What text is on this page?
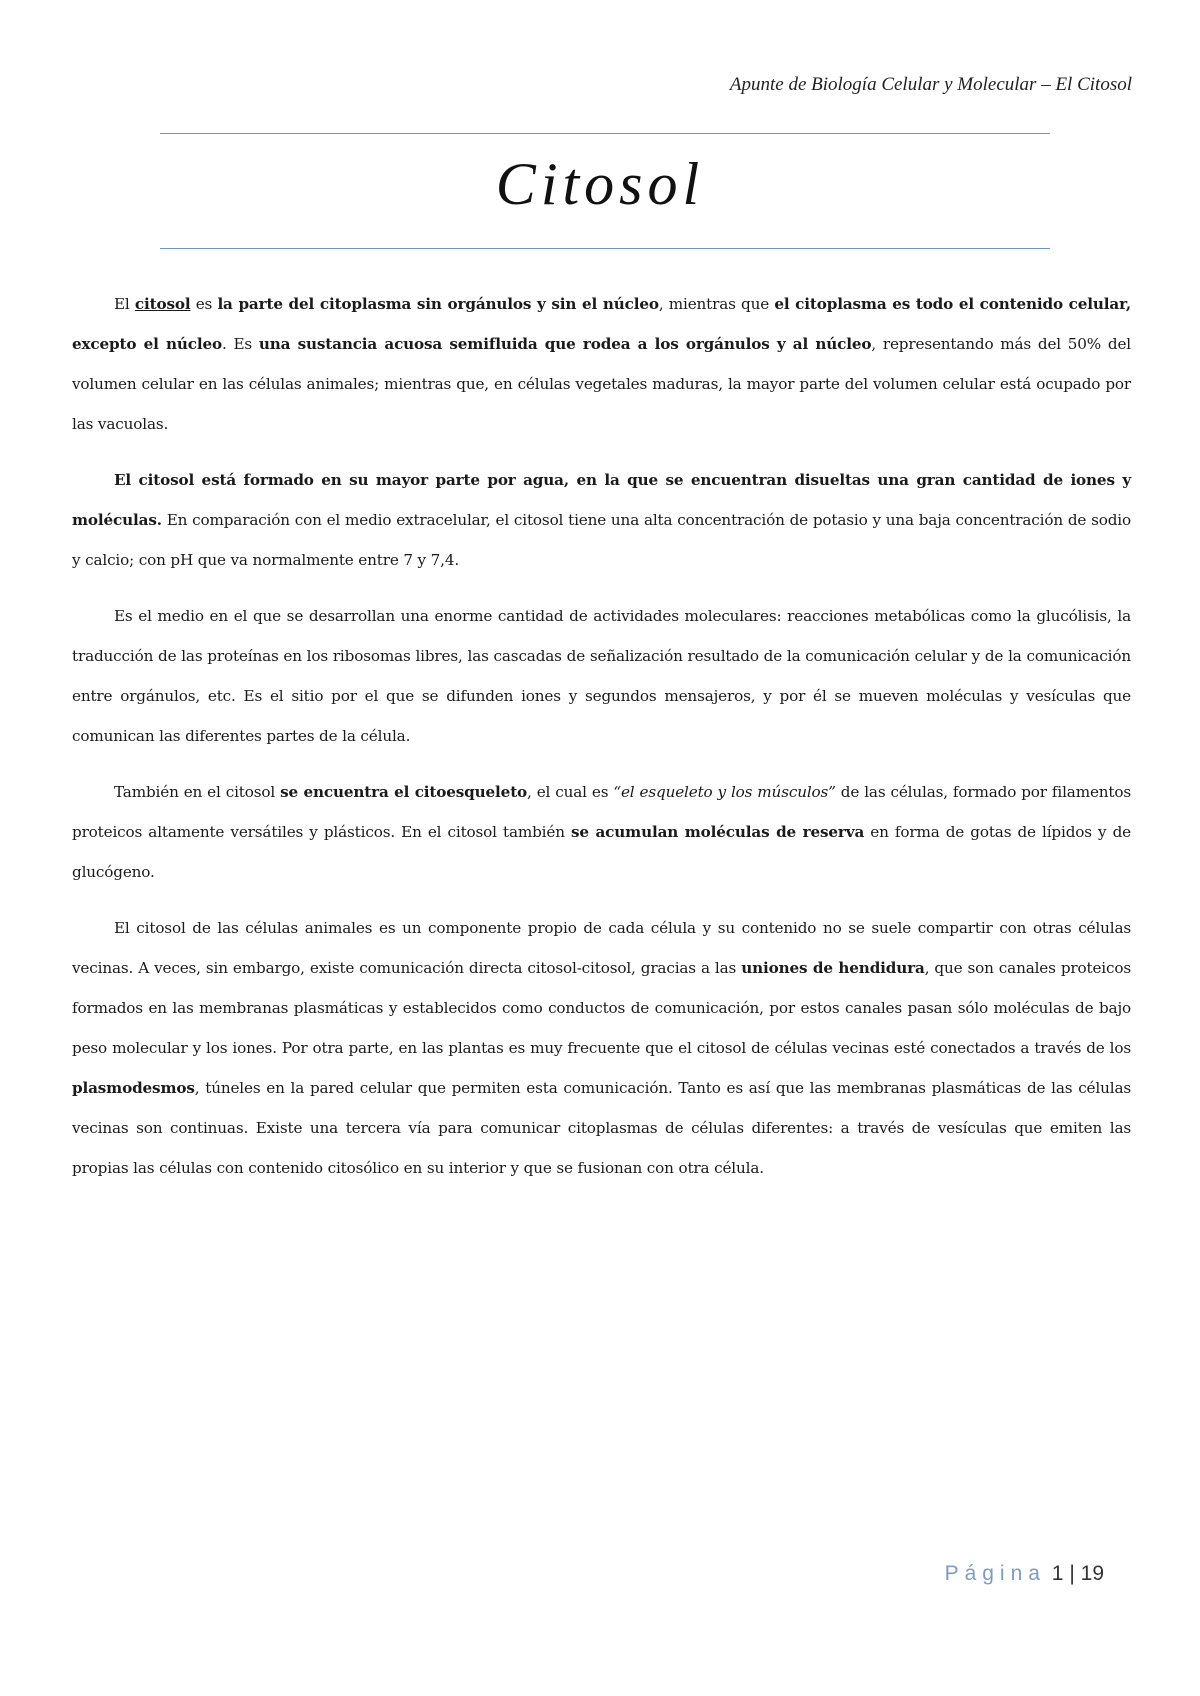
Apunte de Biología Celular y Molecular – El Citosol
Citosol

El citosol es la parte del citoplasma sin orgánulos y sin el núcleo, mientras que el citoplasma es todo el contenido celular, excepto el núcleo. Es una sustancia acuosa semifluida que rodea a los orgánulos y al núcleo, representando más del 50% del volumen celular en las células animales; mientras que, en células vegetales maduras, la mayor parte del volumen celular está ocupado por las vacuolas.

El citosol está formado en su mayor parte por agua, en la que se encuentran disueltas una gran cantidad de iones y moléculas. En comparación con el medio extracelular, el citosol tiene una alta concentración de potasio y una baja concentración de sodio y calcio; con pH que va normalmente entre 7 y 7,4.

Es el medio en el que se desarrollan una enorme cantidad de actividades moleculares: reacciones metabólicas como la glucólisis, la traducción de las proteínas en los ribosomas libres, las cascadas de señalización resultado de la comunicación celular y de la comunicación entre orgánulos, etc. Es el sitio por el que se difunden iones y segundos mensajeros, y por él se mueven moléculas y vesículas que comunican las diferentes partes de la célula.

También en el citosol se encuentra el citoesqueleto, el cual es “el esqueleto y los músculos” de las células, formado por filamentos proteicos altamente versátiles y plásticos. En el citosol también se acumulan moléculas de reserva en forma de gotas de lípidos y de glucógeno.

El citosol de las células animales es un componente propio de cada célula y su contenido no se suele compartir con otras células vecinas. A veces, sin embargo, existe comunicación directa citosol-citosol, gracias a las uniones de hendidura, que son canales proteicos formados en las membranas plasmáticas y establecidos como conductos de comunicación, por estos canales pasan sólo moléculas de bajo peso molecular y los iones. Por otra parte, en las plantas es muy frecuente que el citosol de células vecinas esté conectados a través de los plasmodesmos, túneles en la pared celular que permiten esta comunicación. Tanto es así que las membranas plasmáticas de las células vecinas son continuas. Existe una tercera vía para comunicar citoplasmas de células diferentes: a través de vesículas que emiten las propias las células con contenido citosólico en su interior y que se fusionan con otra célula.

Página 1 | 19
